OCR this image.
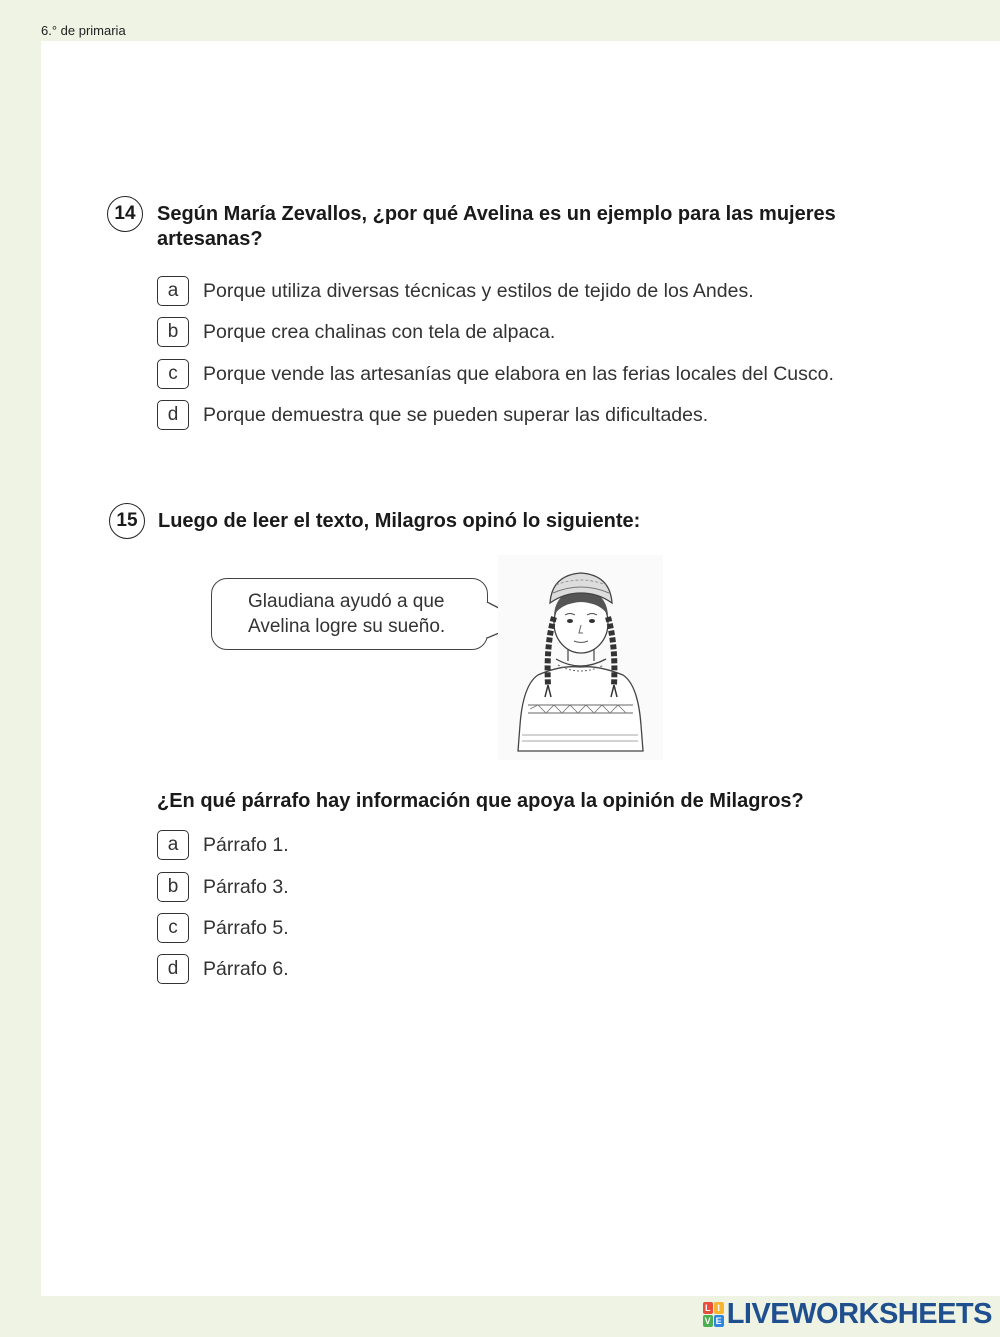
6.° de primaria
14	Según María Zevallos, ¿por qué Avelina es un ejemplo para las mujeres artesanas?
a	Porque utiliza diversas técnicas y estilos de tejido de los Andes.
b	Porque crea chalinas con tela de alpaca.
c	Porque vende las artesanías que elabora en las ferias locales del Cusco.
d	Porque demuestra que se pueden superar las dificultades.
15	Luego de leer el texto, Milagros opinó lo siguiente:
Glaudiana ayudó a que
Avelina logre su sueño.
¿En qué párrafo hay información que apoya la opinión de Milagros?
a	Párrafo 1.
b	Párrafo 3.
c	Párrafo 5.
d	Párrafo 6.
L I
V E LIVEWORKSHEETS
